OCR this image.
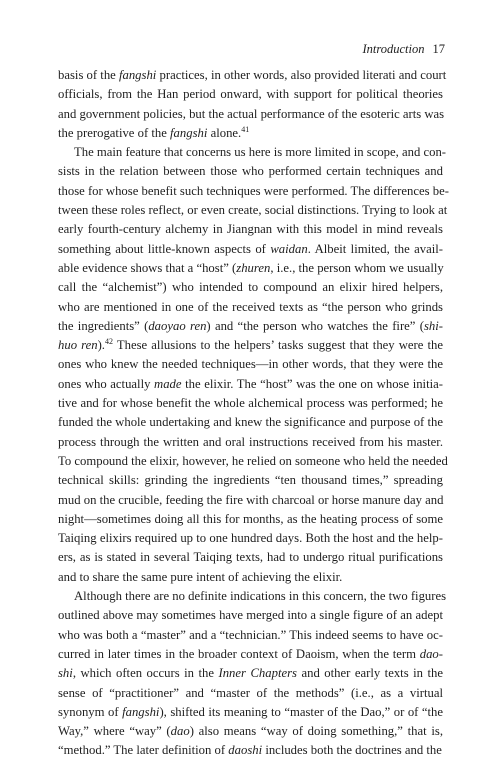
Introduction 17
basis of the fangshi practices, in other words, also provided literati and court
officials, from the Han period onward, with support for political theories
and government policies, but the actual performance of the esoteric arts was
the prerogative of the fangshi alone.$^{41}$
The main feature that concerns us here is more limited in scope, and con-
sists in the relation between those who performed certain techniques and
those for whose benefit such techniques were performed. The differences be-
tween these roles reflect, or even create, social distinctions. Trying to look at
early fourth-century alchemy in Jiangnan with this model in mind reveals
something about little-known aspects of waidan. Albeit limited, the avail-
able evidence shows that a “host” (zhuren, i.e., the person whom we usually
call the “alchemist”) who intended to compound an elixir hired helpers,
who are mentioned in one of the received texts as “the person who grinds
the ingredients” (daoyao ren) and “the person who watches the fire” (shi-
huo ren).$^{42}$ These allusions to the helpers’ tasks suggest that they were the
ones who knew the needed techniques—in other words, that they were the
ones who actually made the elixir. The “host” was the one on whose initia-
tive and for whose benefit the whole alchemical process was performed; he
funded the whole undertaking and knew the significance and purpose of the
process through the written and oral instructions received from his master.
To compound the elixir, however, he relied on someone who held the needed
technical skills: grinding the ingredients “ten thousand times,” spreading
mud on the crucible, feeding the fire with charcoal or horse manure day and
night—sometimes doing all this for months, as the heating process of some
Taiqing elixirs required up to one hundred days. Both the host and the help-
ers, as is stated in several Taiqing texts, had to undergo ritual purifications
and to share the same pure intent of achieving the elixir.
Although there are no definite indications in this concern, the two figures
outlined above may sometimes have merged into a single figure of an adept
who was both a “master” and a “technician.” This indeed seems to have oc-
curred in later times in the broader context of Daoism, when the term dao-
shi, which often occurs in the Inner Chapters and other early texts in the
sense of “practitioner” and “master of the methods” (i.e., as a virtual
synonym of fangshi), shifted its meaning to “master of the Dao,” or of “the
Way,” where “way” (dao) also means “way of doing something,” that is,
“method.” The later definition of daoshi includes both the doctrines and the
